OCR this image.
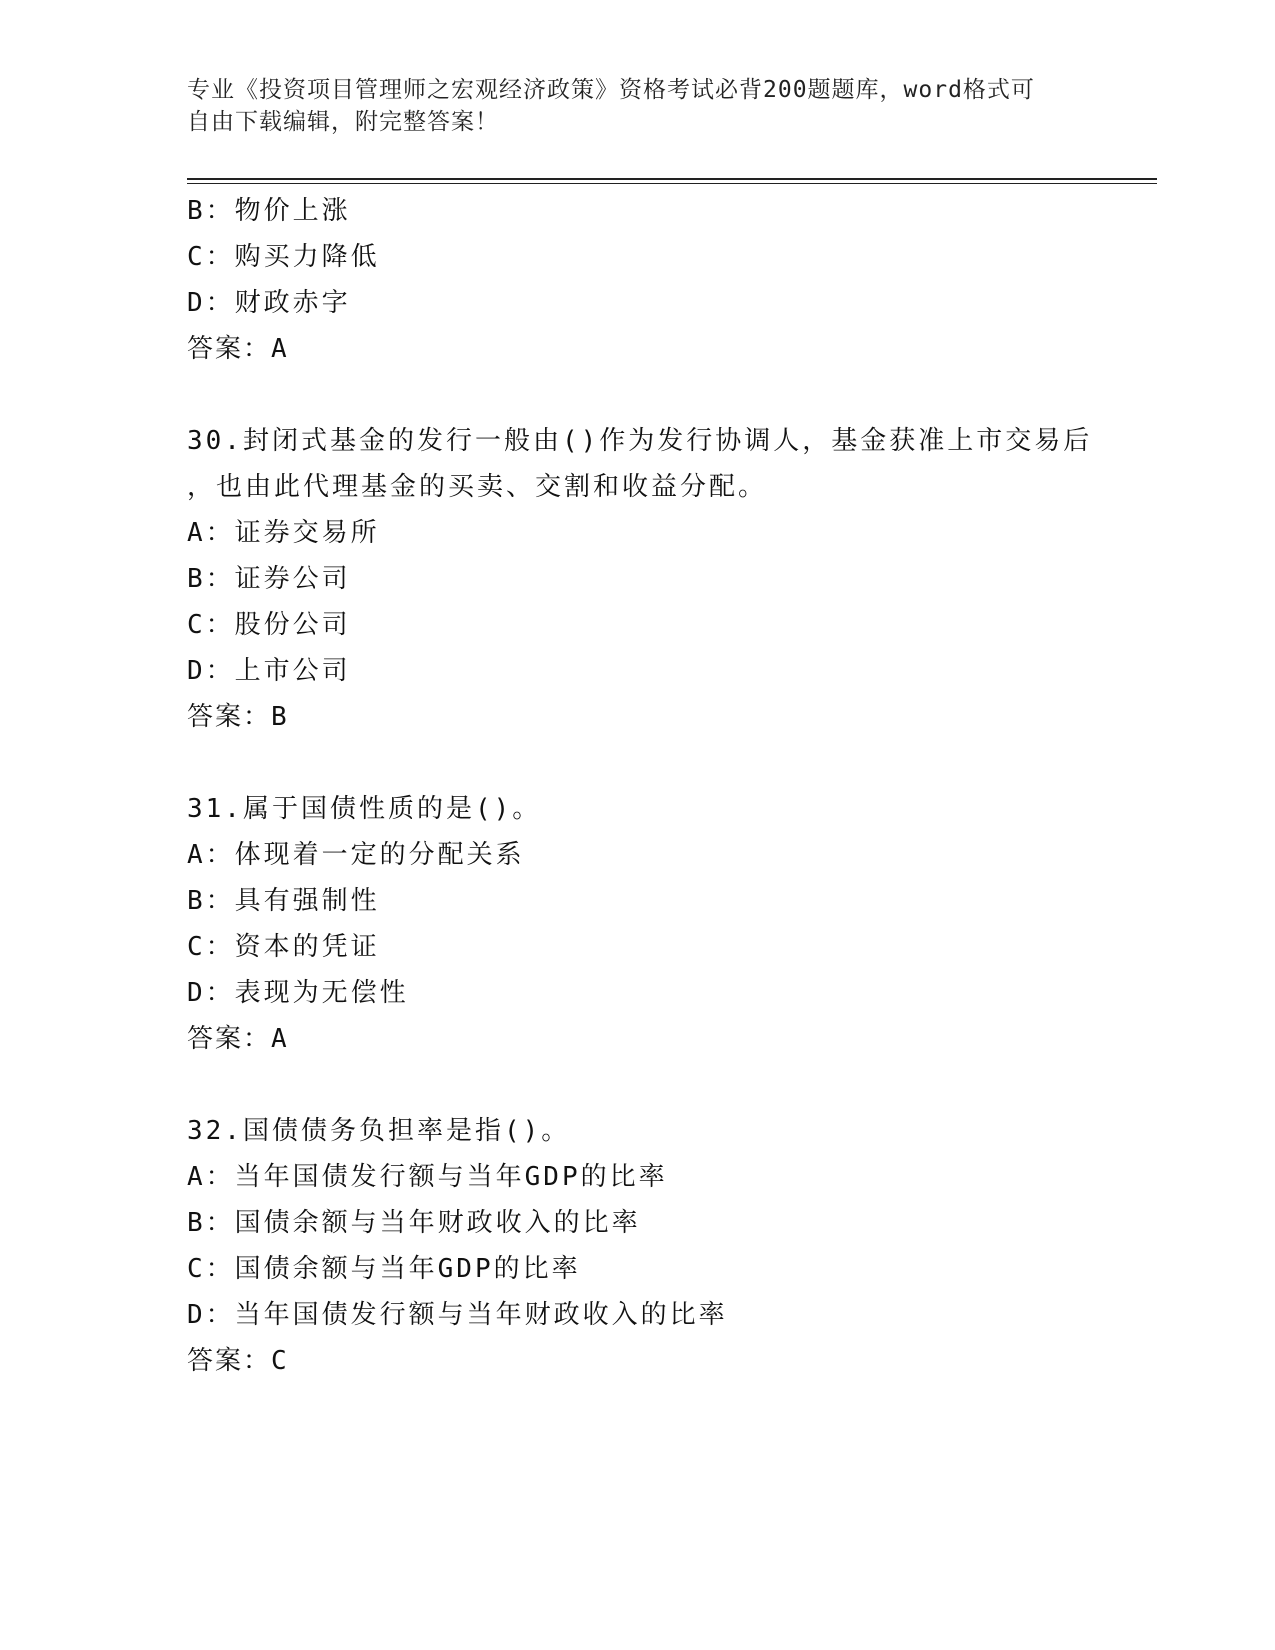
专业《投资项目管理师之宏观经济政策》资格考试必背200题题库，word格式可
自由下载编辑，附完整答案！
B：物价上涨
C：购买力降低
D：财政赤字
答案：A
30.封闭式基金的发行一般由()作为发行协调人，基金获准上市交易后
，也由此代理基金的买卖、交割和收益分配。
A：证券交易所
B：证券公司
C：股份公司
D：上市公司
答案：B
31.属于国债性质的是()。
A：体现着一定的分配关系
B：具有强制性
C：资本的凭证
D：表现为无偿性
答案：A
32.国债债务负担率是指()。
A：当年国债发行额与当年GDP的比率
B：国债余额与当年财政收入的比率
C：国债余额与当年GDP的比率
D：当年国债发行额与当年财政收入的比率
答案：C
